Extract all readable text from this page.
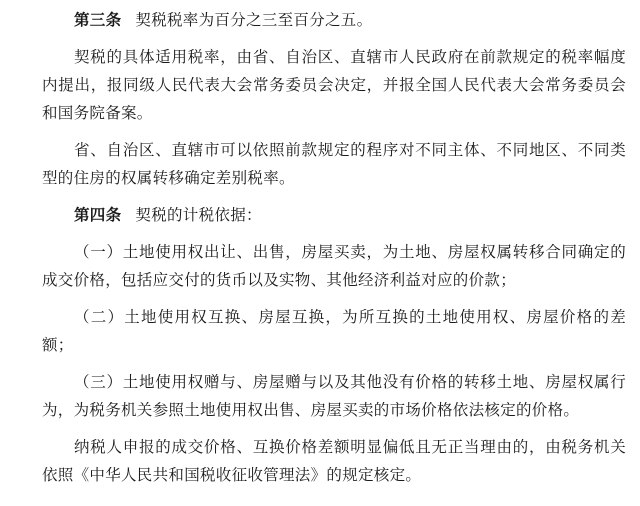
第三条 契税税率为百分之三至百分之五。

契税的具体适用税率，由省、自治区、直辖市人民政府在前款规定的税率幅度内提出，报同级人民代表大会常务委员会决定，并报全国人民代表大会常务委员会和国务院备案。

省、自治区、直辖市可以依照前款规定的程序对不同主体、不同地区、不同类型的住房的权属转移确定差别税率。

第四条 契税的计税依据：

（一）土地使用权出让、出售，房屋买卖，为土地、房屋权属转移合同确定的成交价格，包括应交付的货币以及实物、其他经济利益对应的价款；

（二）土地使用权互换、房屋互换，为所互换的土地使用权、房屋价格的差额；

（三）土地使用权赠与、房屋赠与以及其他没有价格的转移土地、房屋权属行为，为税务机关参照土地使用权出售、房屋买卖的市场价格依法核定的价格。

纳税人申报的成交价格、互换价格差额明显偏低且无正当理由的，由税务机关依照《中华人民共和国税收征收管理法》的规定核定。
